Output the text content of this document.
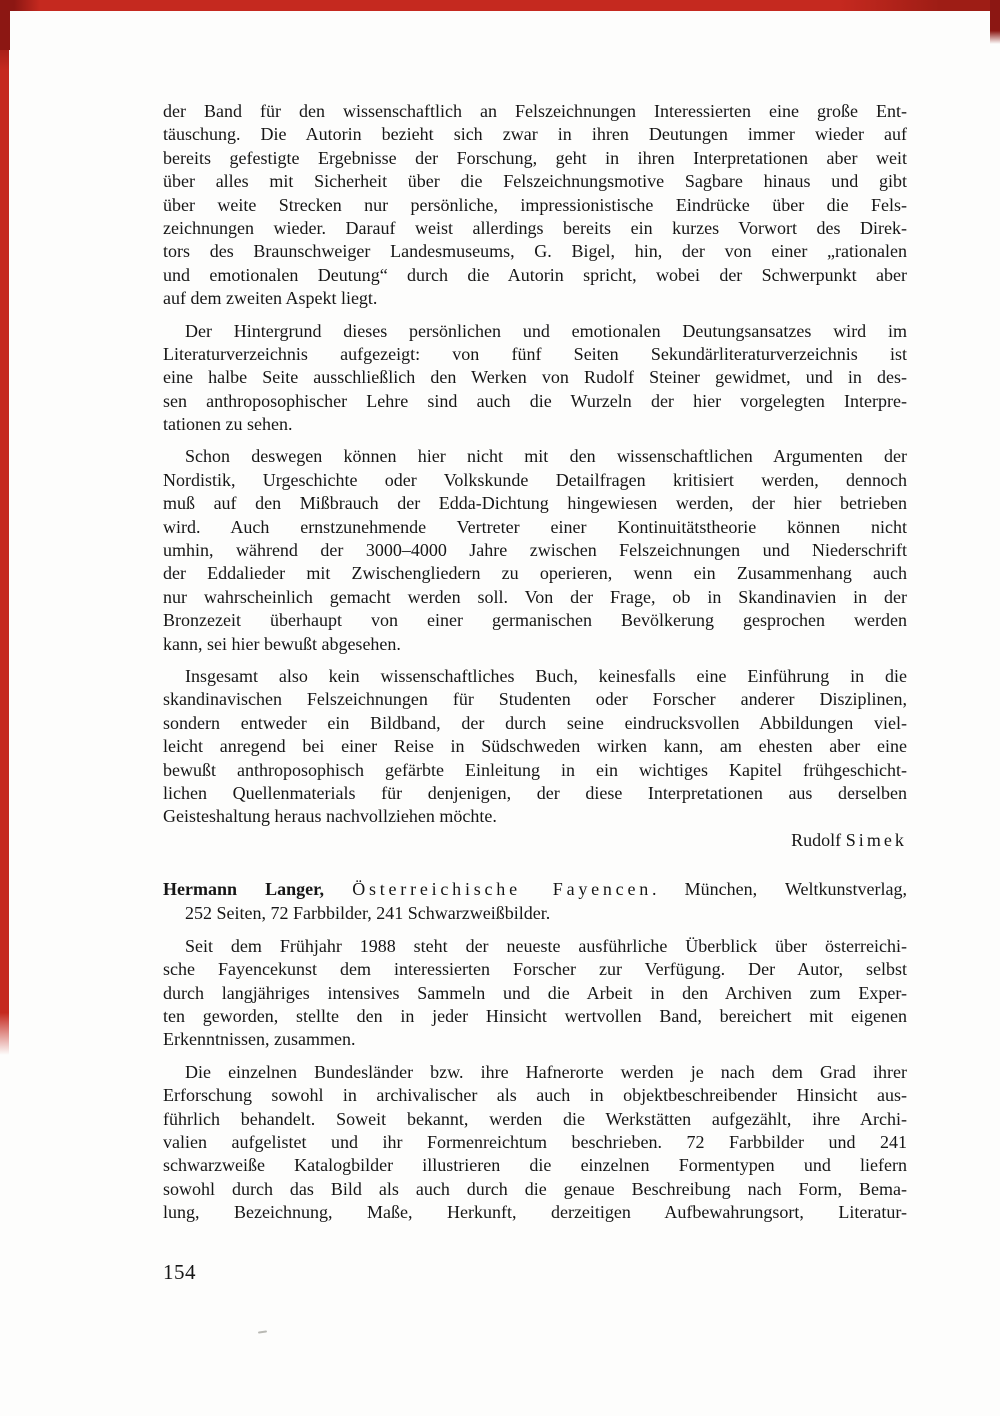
der Band für den wissenschaftlich an Felszeichnungen Interessierten eine große Ent-
täuschung. Die Autorin bezieht sich zwar in ihren Deutungen immer wieder auf
bereits gefestigte Ergebnisse der Forschung, geht in ihren Interpretationen aber weit
über alles mit Sicherheit über die Felszeichnungsmotive Sagbare hinaus und gibt
über weite Strecken nur persönliche, impressionistische Eindrücke über die Fels-
zeichnungen wieder. Darauf weist allerdings bereits ein kurzes Vorwort des Direk-
tors des Braunschweiger Landesmuseums, G. Bigel, hin, der von einer „rationalen
und emotionalen Deutung“ durch die Autorin spricht, wobei der Schwerpunkt aber
auf dem zweiten Aspekt liegt.
Der Hintergrund dieses persönlichen und emotionalen Deutungsansatzes wird im
Literaturverzeichnis aufgezeigt: von fünf Seiten Sekundärliteraturverzeichnis ist
eine halbe Seite ausschließlich den Werken von Rudolf Steiner gewidmet, und in des-
sen anthroposophischer Lehre sind auch die Wurzeln der hier vorgelegten Interpre-
tationen zu sehen.
Schon deswegen können hier nicht mit den wissenschaftlichen Argumenten der
Nordistik, Urgeschichte oder Volkskunde Detailfragen kritisiert werden, dennoch
muß auf den Mißbrauch der Edda-Dichtung hingewiesen werden, der hier betrieben
wird. Auch ernstzunehmende Vertreter einer Kontinuitätstheorie können nicht
umhin, während der 3000–4000 Jahre zwischen Felszeichnungen und Niederschrift
der Eddalieder mit Zwischengliedern zu operieren, wenn ein Zusammenhang auch
nur wahrscheinlich gemacht werden soll. Von der Frage, ob in Skandinavien in der
Bronzezeit überhaupt von einer germanischen Bevölkerung gesprochen werden
kann, sei hier bewußt abgesehen.
Insgesamt also kein wissenschaftliches Buch, keinesfalls eine Einführung in die
skandinavischen Felszeichnungen für Studenten oder Forscher anderer Disziplinen,
sondern entweder ein Bildband, der durch seine eindrucksvollen Abbildungen viel-
leicht anregend bei einer Reise in Südschweden wirken kann, am ehesten aber eine
bewußt anthroposophisch gefärbte Einleitung in ein wichtiges Kapitel frühgeschicht-
lichen Quellenmaterials für denjenigen, der diese Interpretationen aus derselben
Geisteshaltung heraus nachvollziehen möchte.
Rudolf Simek
Hermann Langer, Österreichische Fayencen. München, Weltkunstverlag,
252 Seiten, 72 Farbbilder, 241 Schwarzweißbilder.
Seit dem Frühjahr 1988 steht der neueste ausführliche Überblick über österreichi-
sche Fayencekunst dem interessierten Forscher zur Verfügung. Der Autor, selbst
durch langjähriges intensives Sammeln und die Arbeit in den Archiven zum Exper-
ten geworden, stellte den in jeder Hinsicht wertvollen Band, bereichert mit eigenen
Erkenntnissen, zusammen.
Die einzelnen Bundesländer bzw. ihre Hafnerorte werden je nach dem Grad ihrer
Erforschung sowohl in archivalischer als auch in objektbeschreibender Hinsicht aus-
führlich behandelt. Soweit bekannt, werden die Werkstätten aufgezählt, ihre Archi-
valien aufgelistet und ihr Formenreichtum beschrieben. 72 Farbbilder und 241
schwarzweiße Katalogbilder illustrieren die einzelnen Formentypen und liefern
sowohl durch das Bild als auch durch die genaue Beschreibung nach Form, Bema-
lung, Bezeichnung, Maße, Herkunft, derzeitigen Aufbewahrungsort, Literatur-
154
